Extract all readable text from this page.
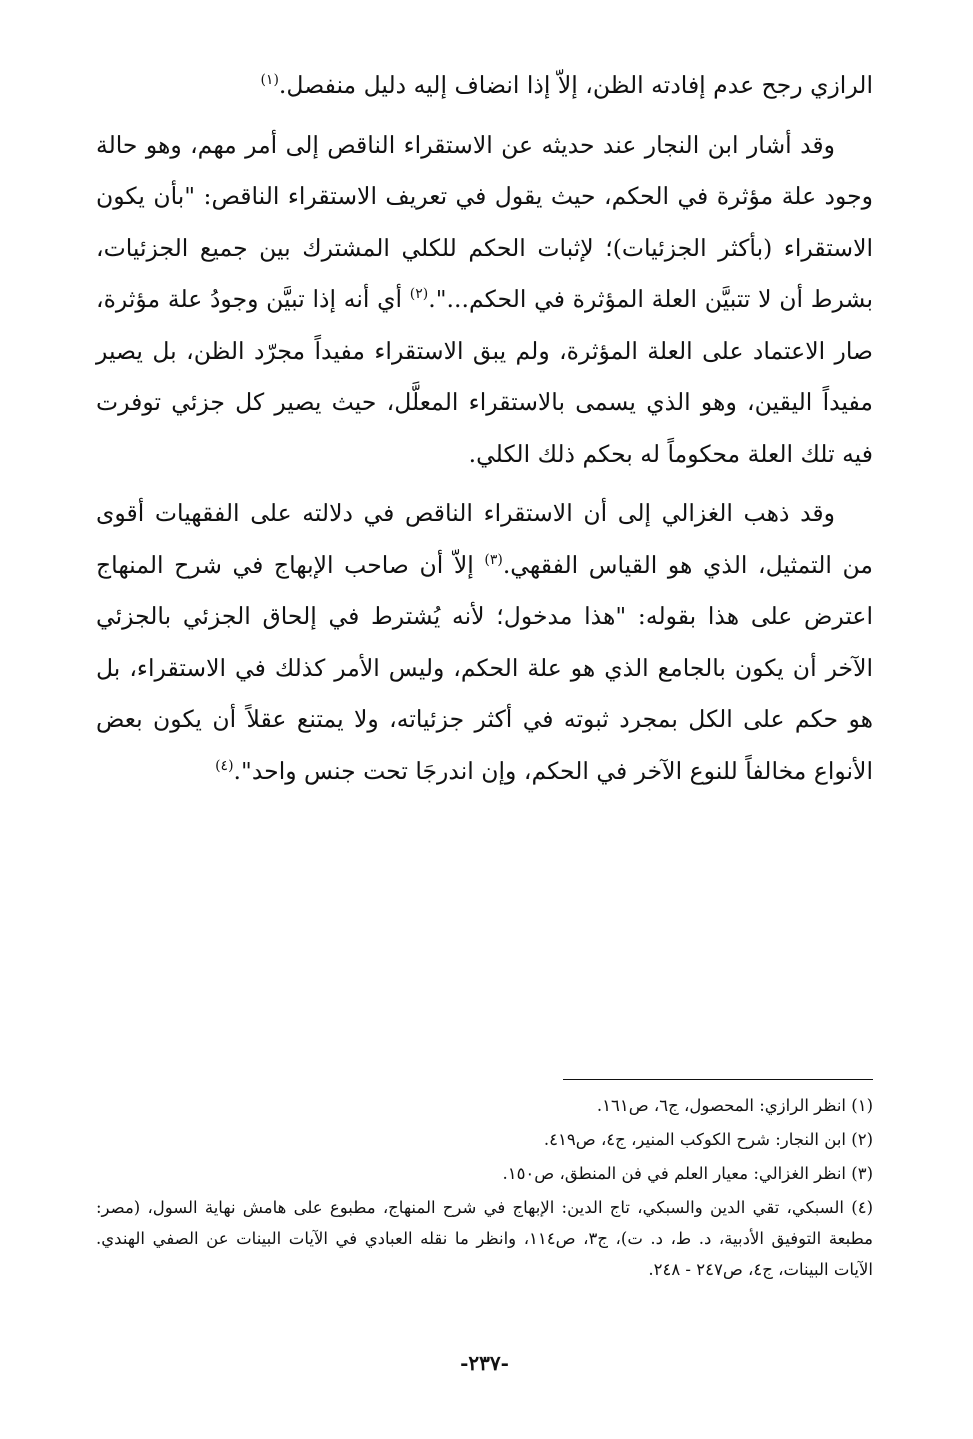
الرازي رجح عدم إفادته الظن، إلاّ إذا انضاف إليه دليل منفصل.$^{(١)}$

وقد أشار ابن النجار عند حديثه عن الاستقراء الناقص إلى أمر مهم، وهو حالة وجود علة مؤثرة في الحكم، حيث يقول في تعريف الاستقراء الناقص: "بأن يكون الاستقراء (بأكثر الجزئيات)؛ لإثبات الحكم للكلي المشترك بين جميع الجزئيات، بشرط أن لا تتبيَّن العلة المؤثرة في الحكم...".$^{(٢)}$ أي أنه إذا تبيَّن وجودُ علة مؤثرة، صار الاعتماد على العلة المؤثرة، ولم يبق الاستقراء مفيداً مجرّد الظن، بل يصير مفيداً اليقين، وهو الذي يسمى بالاستقراء المعلَّل، حيث يصير كل جزئي توفرت فيه تلك العلة محكوماً له بحكم ذلك الكلي.

وقد ذهب الغزالي إلى أن الاستقراء الناقص في دلالته على الفقهيات أقوى من التمثيل، الذي هو القياس الفقهي.$^{(٣)}$ إلاّ أن صاحب الإبهاج في شرح المنهاج اعترض على هذا بقوله: "هذا مدخول؛ لأنه يُشترط في إلحاق الجزئي بالجزئي الآخر أن يكون بالجامع الذي هو علة الحكم، وليس الأمر كذلك في الاستقراء، بل هو حكم على الكل بمجرد ثبوته في أكثر جزئياته، ولا يمتنع عقلاً أن يكون بعض الأنواع مخالفاً للنوع الآخر في الحكم، وإن اندرجَا تحت جنس واحد".$^{(٤)}$

(١) انظر الرازي: المحصول، ج٦، ص١٦١.

(٢) ابن النجار: شرح الكوكب المنير، ج٤، ص٤١٩.

(٣) انظر الغزالي: معيار العلم في فن المنطق، ص١٥٠.

(٤) السبكي، تقي الدين والسبكي، تاج الدين: الإبهاج في شرح المنهاج، مطبوع على هامش نهاية السول، (مصر: مطبعة التوفيق الأدبية، د. ط، د. ت)، ج٣، ص١١٤، وانظر ما نقله العبادي في الآيات البينات عن الصفي الهندي. الآيات البينات، ج٤، ص٢٤٧ - ٢٤٨.

-٢٣٧-
